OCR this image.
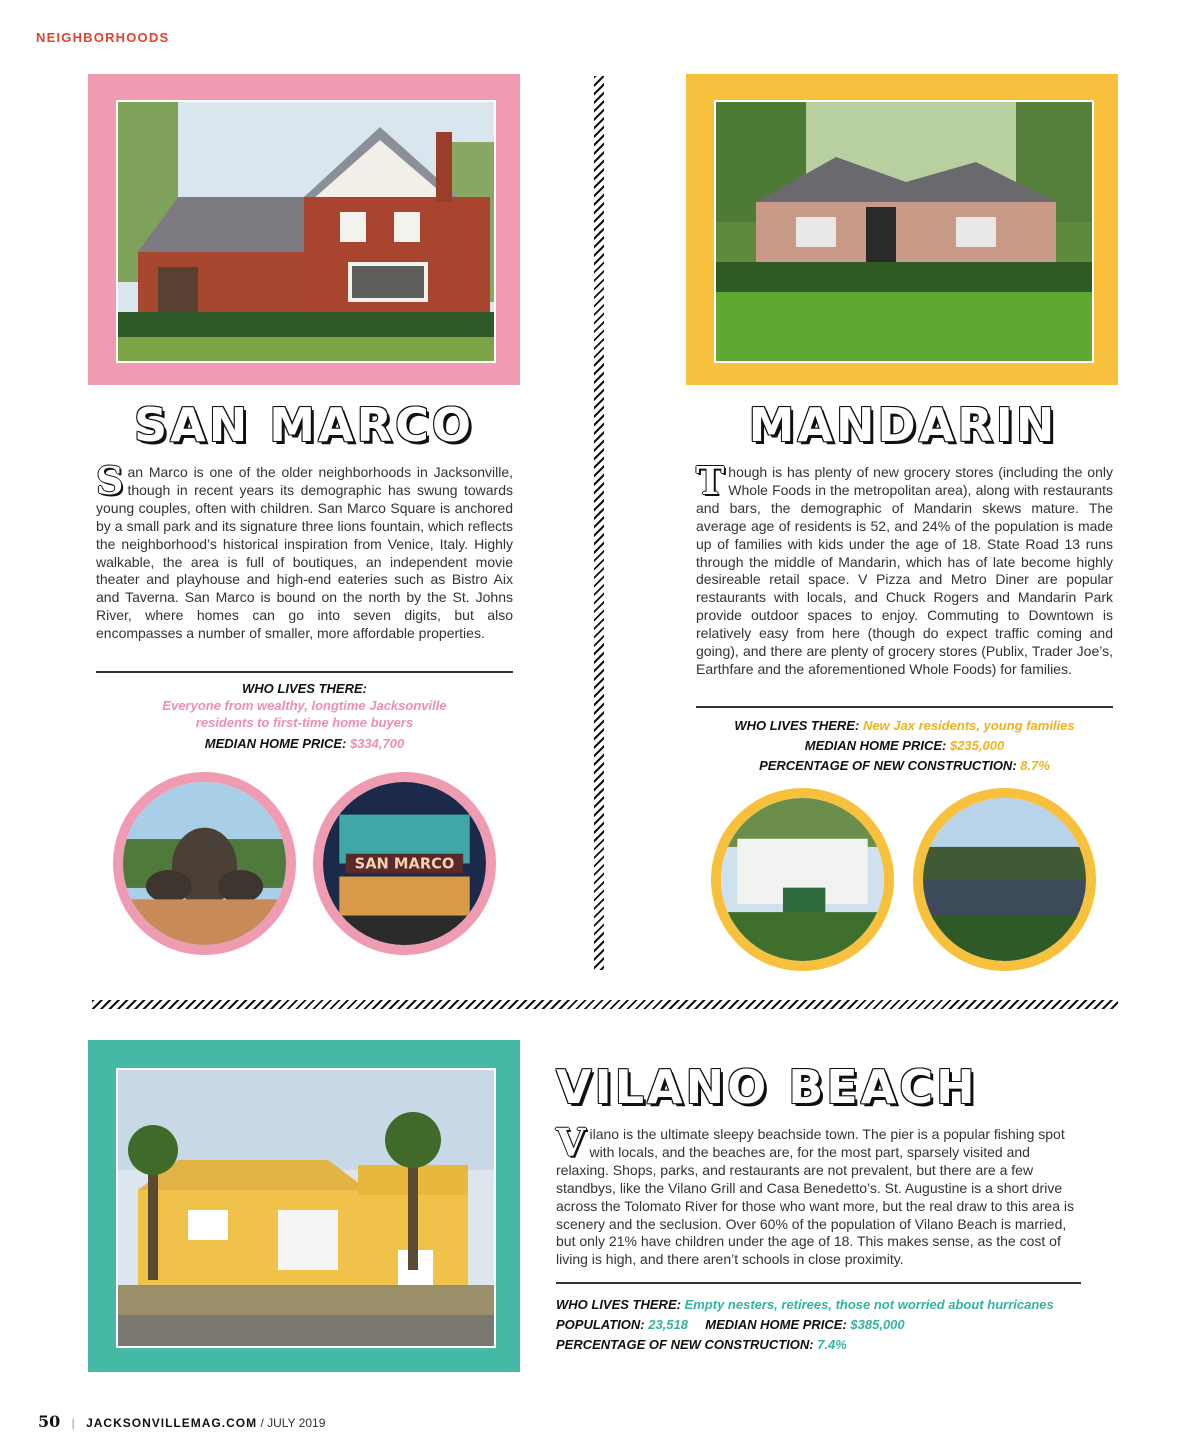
NEIGHBORHOODS
SAN MARCO
San Marco is one of the older neighborhoods in Jacksonville, though in recent years its demographic has swung towards young couples, often with children. San Marco Square is anchored by a small park and its signature three lions fountain, which reflects the neighborhood’s historical inspiration from Venice, Italy. Highly walkable, the area is full of boutiques, an independent movie theater and playhouse and high-end eateries such as Bistro Aix and Taverna. San Marco is bound on the north by the St. Johns River, where homes can go into seven digits, but also encompasses a number of smaller, more affordable properties.
WHO LIVES THERE:
Everyone from wealthy, longtime Jacksonville
residents to first-time home buyers
MEDIAN HOME PRICE: $334,700
SAN MARCO
MANDARIN
Though is has plenty of new grocery stores (including the only Whole Foods in the metropolitan area), along with restaurants and bars, the demographic of Mandarin skews mature. The average age of residents is 52, and 24% of the population is made up of families with kids under the age of 18. State Road 13 runs through the middle of Mandarin, which has of late become highly desireable retail space. V Pizza and Metro Diner are popular restaurants with locals, and Chuck Rogers and Mandarin Park provide outdoor spaces to enjoy. Commuting to Downtown is relatively easy from here (though do expect traffic coming and going), and there are plenty of grocery stores (Publix, Trader Joe’s, Earthfare and the aforementioned Whole Foods) for families.
WHO LIVES THERE: New Jax residents, young families
MEDIAN HOME PRICE: $235,000
PERCENTAGE OF NEW CONSTRUCTION: 8.7%
VILANO BEACH
Vilano is the ultimate sleepy beachside town. The pier is a popular fishing spot with locals, and the beaches are, for the most part, sparsely visited and relaxing. Shops, parks, and restaurants are not prevalent, but there are a few standbys, like the Vilano Grill and Casa Benedetto’s. St. Augustine is a short drive across the Tolomato River for those who want more, but the real draw to this area is scenery and the seclusion. Over 60% of the population of Vilano Beach is married, but only 21% have children under the age of 18. This makes sense, as the cost of living is high, and there aren’t schools in close proximity.
WHO LIVES THERE: Empty nesters, retirees, those not worried about hurricanes
POPULATION: 23,518 MEDIAN HOME PRICE: $385,000
PERCENTAGE OF NEW CONSTRUCTION: 7.4%
50 | JACKSONVILLEMAG.COM / JULY 2019
